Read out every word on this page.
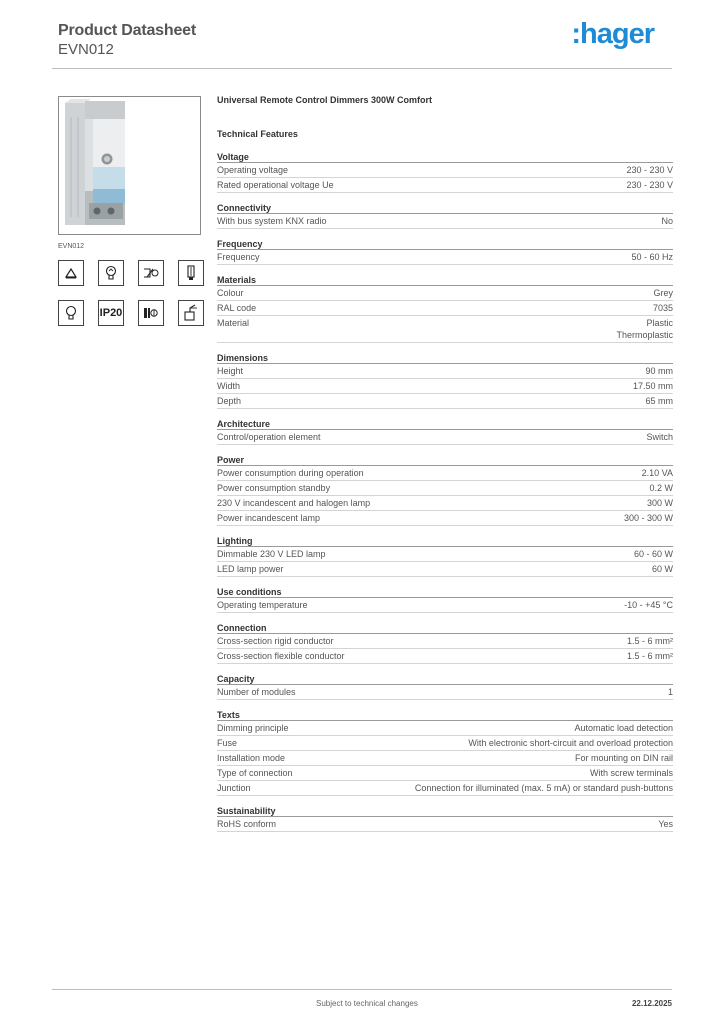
Product Datasheet
EVN012	:hager
EVN012
IP20
Universal Remote Control Dimmers 300W Comfort
Technical Features
Voltage
Operating voltage	230 - 230 V
Rated operational voltage Ue	230 - 230 V
Connectivity
With bus system KNX radio	No
Frequency
Frequency	50 - 60 Hz
Materials
Colour	Grey
RAL code	7035
Material	Plastic
Thermoplastic
Dimensions
Height	90 mm
Width	17.50 mm
Depth	65 mm
Architecture
Control/operation element	Switch
Power
Power consumption during operation	2.10 VA
Power consumption standby	0.2 W
230 V incandescent and halogen lamp	300 W
Power incandescent lamp	300 - 300 W
Lighting
Dimmable 230 V LED lamp	60 - 60 W
LED lamp power	60 W
Use conditions
Operating temperature	-10 - +45 °C
Connection
Cross-section rigid conductor	1.5 - 6 mm²
Cross-section flexible conductor	1.5 - 6 mm²
Capacity
Number of modules	1
Texts
Dimming principle	Automatic load detection
Fuse	With electronic short-circuit and overload protection
Installation mode	For mounting on DIN rail
Type of connection	With screw terminals
Junction	Connection for illuminated (max. 5 mA) or standard push-buttons
Sustainability
RoHS conform	Yes
Subject to technical changes	22.12.2025
